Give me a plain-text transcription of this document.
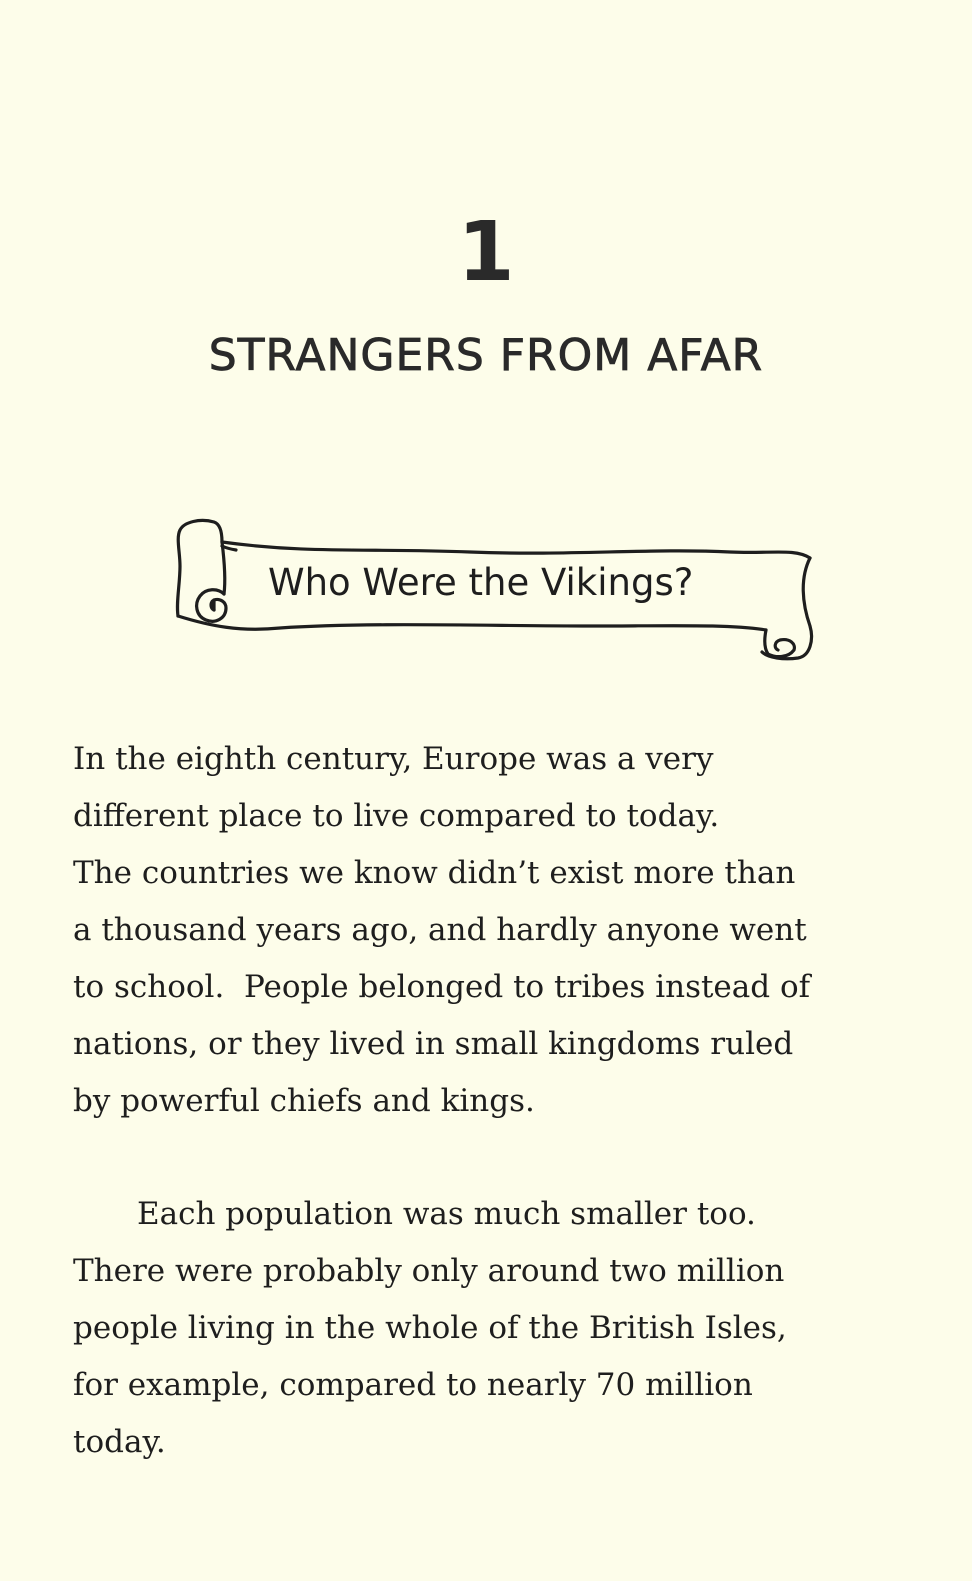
1
STRANGERS FROM AFAR
Who Were the Vikings?
In the eighth century, Europe was a very
different place to live compared to today.
The countries we know didn’t exist more than
a thousand years ago, and hardly anyone went
to school.  People belonged to tribes instead of
nations, or they lived in small kingdoms ruled
by powerful chiefs and kings.
Each population was much smaller too.
There were probably only around two million
people living in the whole of the British Isles,
for example, compared to nearly 70 million
today.
